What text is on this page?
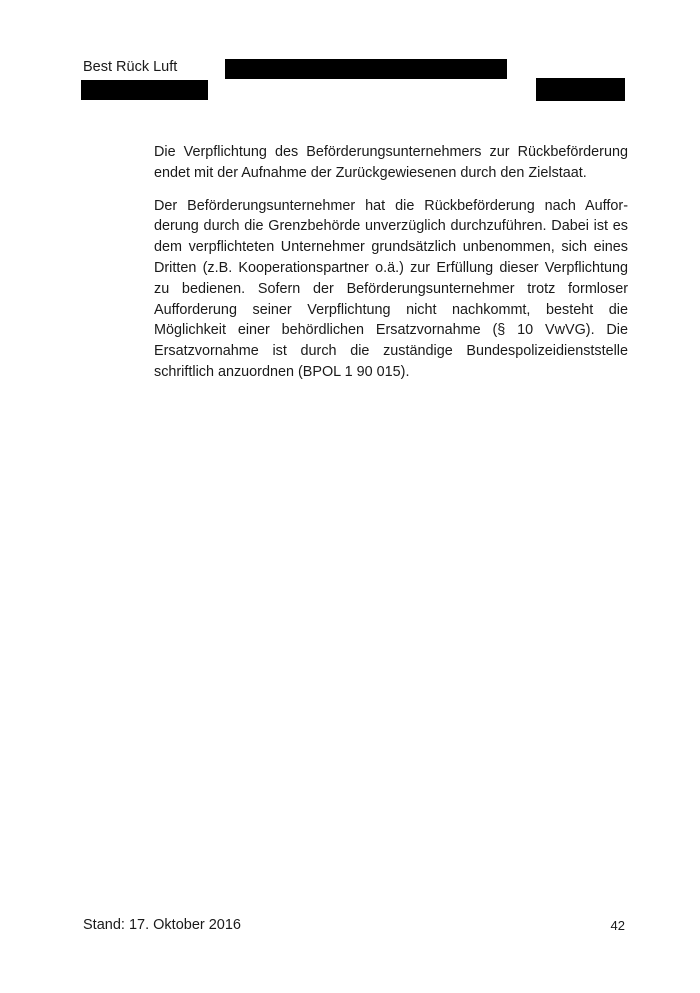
Best Rück Luft

Die Verpflichtung des Beförderungsunternehmers zur Rückbeförderung endet mit der Aufnahme der Zurückgewiesenen durch den Zielstaat.

Der Beförderungsunternehmer hat die Rückbeförderung nach Aufforderung durch die Grenzbehörde unverzüglich durchzuführen. Dabei ist es dem verpflichteten Unternehmer grundsätzlich unbenommen, sich eines Dritten (z.B. Kooperationspartner o.ä.) zur Erfüllung dieser Verpflichtung zu bedienen. Sofern der Beförderungsunternehmer trotz formloser Aufforderung seiner Verpflichtung nicht nachkommt, besteht die Möglichkeit einer behördlichen Ersatzvornahme (§ 10 VwVG). Die Ersatzvornahme ist durch die zuständige Bundespolizeidienststelle schriftlich anzuordnen (BPOL 1 90 015).

Stand: 17. Oktober 2016	42
